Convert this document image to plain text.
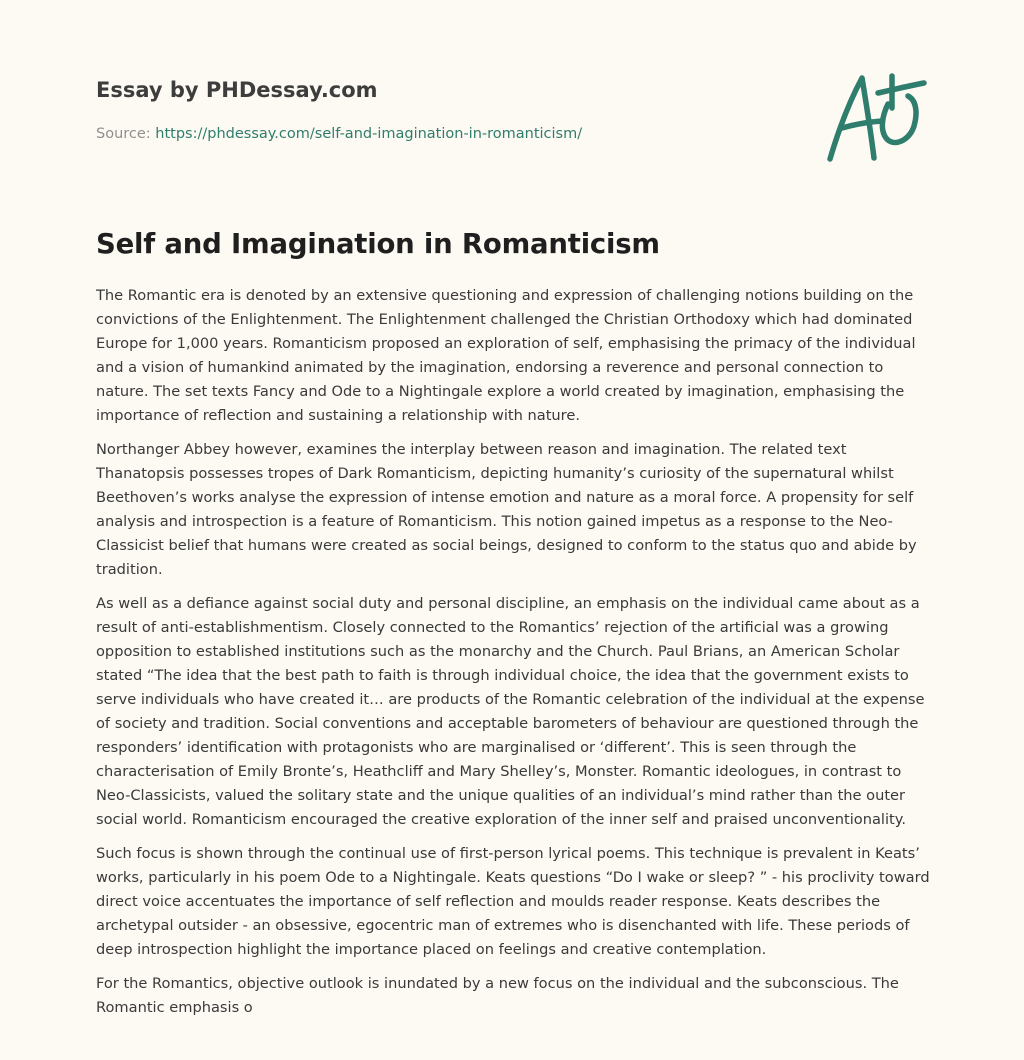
Essay by PHDessay.com
Source: https://phdessay.com/self-and-imagination-in-romanticism/
Self and Imagination in Romanticism

The Romantic era is denoted by an extensive questioning and expression of challenging notions building on the convictions of the Enlightenment. The Enlightenment challenged the Christian Orthodoxy which had dominated Europe for 1,000 years. Romanticism proposed an exploration of self, emphasising the primacy of the individual and a vision of humankind animated by the imagination, endorsing a reverence and personal connection to nature. The set texts Fancy and Ode to a Nightingale explore a world created by imagination, emphasising the importance of reflection and sustaining a relationship with nature.

Northanger Abbey however, examines the interplay between reason and imagination. The related text Thanatopsis possesses tropes of Dark Romanticism, depicting humanity’s curiosity of the supernatural whilst Beethoven’s works analyse the expression of intense emotion and nature as a moral force. A propensity for self analysis and introspection is a feature of Romanticism. This notion gained impetus as a response to the Neo-Classicist belief that humans were created as social beings, designed to conform to the status quo and abide by tradition.

As well as a defiance against social duty and personal discipline, an emphasis on the individual came about as a result of anti-establishmentism. Closely connected to the Romantics’ rejection of the artificial was a growing opposition to established institutions such as the monarchy and the Church. Paul Brians, an American Scholar stated “The idea that the best path to faith is through individual choice, the idea that the government exists to serve individuals who have created it… are products of the Romantic celebration of the individual at the expense of society and tradition. Social conventions and acceptable barometers of behaviour are questioned through the responders’ identification with protagonists who are marginalised or ‘different’. This is seen through the characterisation of Emily Bronte’s, Heathcliff and Mary Shelley’s, Monster. Romantic ideologues, in contrast to Neo-Classicists, valued the solitary state and the unique qualities of an individual’s mind rather than the outer social world. Romanticism encouraged the creative exploration of the inner self and praised unconventionality.

Such focus is shown through the continual use of first-person lyrical poems. This technique is prevalent in Keats’ works, particularly in his poem Ode to a Nightingale. Keats questions “Do I wake or sleep? ” - his proclivity toward direct voice accentuates the importance of self reflection and moulds reader response. Keats describes the archetypal outsider - an obsessive, egocentric man of extremes who is disenchanted with life. These periods of deep introspection highlight the importance placed on feelings and creative contemplation.

For the Romantics, objective outlook is inundated by a new focus on the individual and the subconscious. The Romantic emphasis o
